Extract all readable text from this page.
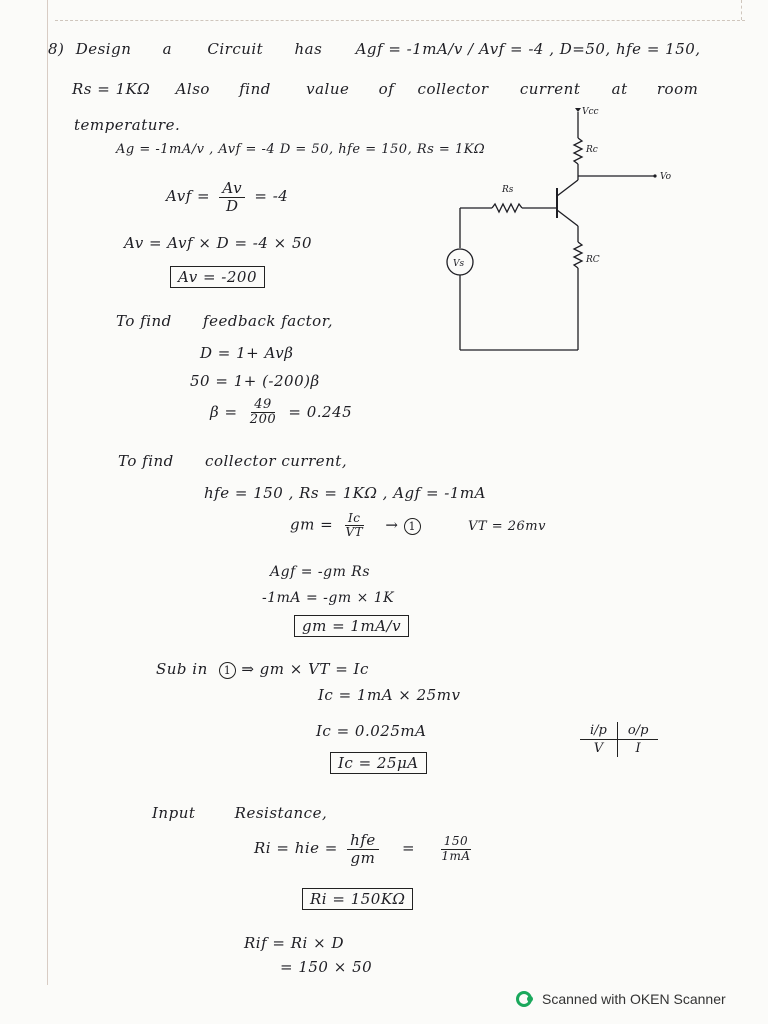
8) Design a Circuit has Agf = -1mA/v / Avf = -4 , D=50, hfe = 150,
Rs = 1KΩ Also find value of collector current at room
temperature.
Ag = -1mA/v , Avf = -4 D = 50, hfe = 150, Rs = 1KΩ
Avf = $\frac{Av}{D} = -4$
Av = Avf × D = -4 × 50
Av = -200
To find feedback factor,
D = 1+ Avβ
50 = 1+ (-200)β
$\beta = \frac{49}{200} = 0.245$
To find collector current,
hfe = 150 , Rs = 1KΩ , Agf = -1mA
gm = $\frac{Ic}{VT} \to 1$	VT = 26mv
Agf = -gm Rs
-1mA = -gm × 1K
gm = 1mA/v
Sub in 1 ⇒ gm × VT = Ic
Ic = 1mA × 25mv
Ic = 0.025mA
Ic = 25μA
i/p	o/p
V	I
Input	Resistance,
Ri = hie = $\frac{\text{hfe}}{gm} = \frac{150}{1mA}$
Ri = 150KΩ
Rif = Ri × D
= 150 × 50
Vcc
Rc
Vo
Rs
RC
Vs
Scanned with OKEN Scanner
